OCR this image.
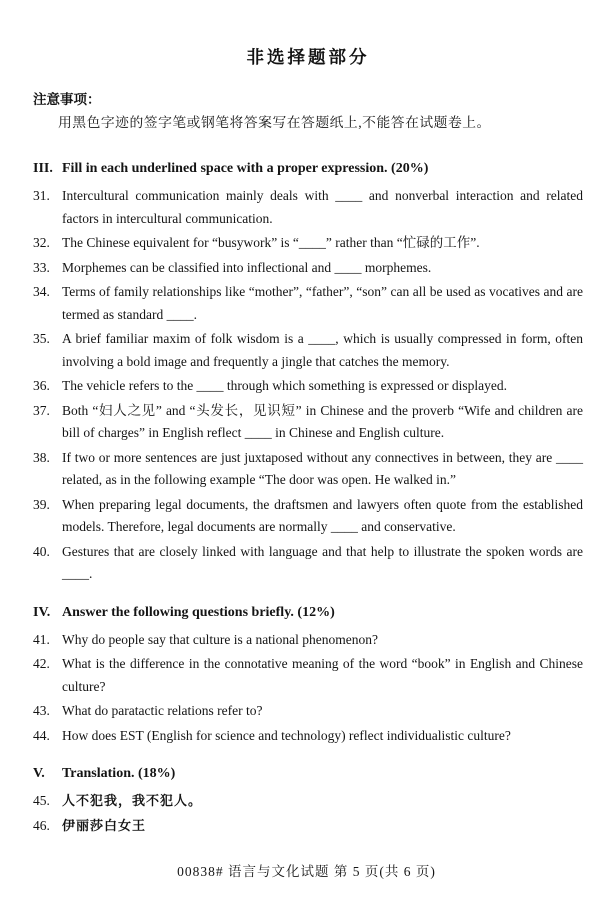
非选择题部分
注意事项：
用黑色字迹的签字笔或钢笔将答案写在答题纸上,不能答在试题卷上。
III. Fill in each underlined space with a proper expression. (20%)
31. Intercultural communication mainly deals with ____ and nonverbal interaction and related factors in intercultural communication.
32. The Chinese equivalent for “busywork” is “____” rather than “忙碌的工作”.
33. Morphemes can be classified into inflectional and ____ morphemes.
34. Terms of family relationships like “mother”, “father”, “son” can all be used as vocatives and are termed as standard ____.
35. A brief familiar maxim of folk wisdom is a ____, which is usually compressed in form, often involving a bold image and frequently a jingle that catches the memory.
36. The vehicle refers to the ____ through which something is expressed or displayed.
37. Both “妇人之见” and “头发长，见识短” in Chinese and the proverb “Wife and children are bill of charges” in English reflect ____ in Chinese and English culture.
38. If two or more sentences are just juxtaposed without any connectives in between, they are ____ related, as in the following example “The door was open. He walked in.”
39. When preparing legal documents, the draftsmen and lawyers often quote from the established models. Therefore, legal documents are normally ____ and conservative.
40. Gestures that are closely linked with language and that help to illustrate the spoken words are ____.
IV. Answer the following questions briefly. (12%)
41. Why do people say that culture is a national phenomenon?
42. What is the difference in the connotative meaning of the word “book” in English and Chinese culture?
43. What do paratactic relations refer to?
44. How does EST (English for science and technology) reflect individualistic culture?
V.	Translation. (18%)
45. 人不犯我，我不犯人。
46. 伊丽莎白女王
00838# 语言与文化试题 第 5 页(共 6 页)
